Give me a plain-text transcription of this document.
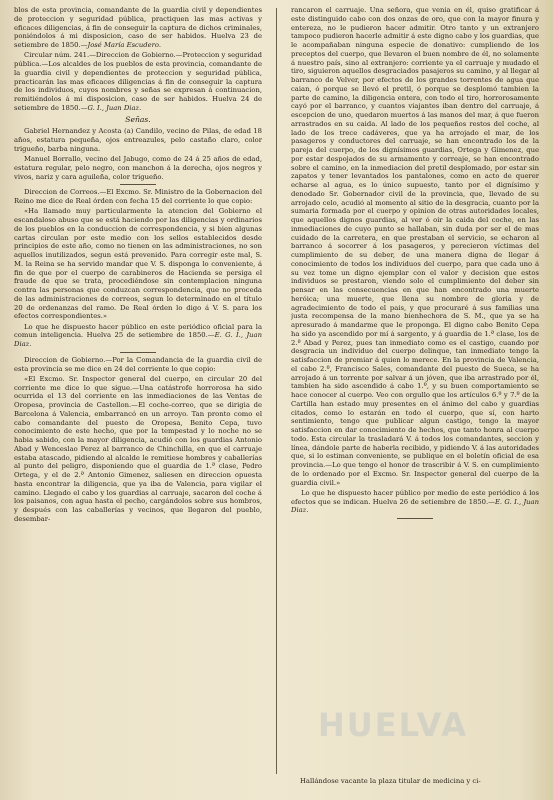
blos de esta provincia, comandante de la guardia civil y dependientes de proteccion y seguridad pública, practiquen las mas activas y eficaces diligencias, á fin de conseguir la captura de dichos criminales, poniéndolos á mi disposicion, caso de ser habidos. Huelva 23 de setiembre de 1850.—José María Escudero.

Circular núm. 241.—Direccion de Gobierno.—Proteccion y seguridad pública.—Los alcaldes de los pueblos de esta provincia, comandante de la guardia civil y dependientes de proteccion y seguridad pública, practicarán las mas eficaces diligencias á fin de conseguir la captura de los individuos, cuyos nombres y señas se expresan á continuacion, remitiéndolos á mi disposicion, caso de ser habidos. Huelva 24 de setiembre de 1850.—G. I., Juan Diaz.

Señas.

Gabriel Hernandez y Acosta (a) Candilo, vecino de Pilas, de edad 18 años, estatura pequeña, ojos entreazules, pelo castaño claro, color trigueño, barba ninguna.

Manuel Borrallo, vecino del Jabugo, como de 24 á 25 años de edad, estatura regular, pelo negro, con manchon á la derecha, ojos negros y vivos, nariz y cara aguileña, color trigueño.

Direccion de Correos.—El Excmo. Sr. Ministro de la Gobernacion del Reino me dice de Real órden con fecha 15 del corriente lo que copio:

«Ha llamado muy particularmente la atencion del Gobierno el escandaloso abuso que se está haciendo por las diligencias y ordinarios de los pueblos en la conduccion de correspondencia, y si bien algunas cartas circulan por este medio con los sellos establecidos desde principios de este año, como no tienen en las administraciones, no son aquellos inutilizados, segun está prevenido. Para corregir este mal, S. M. la Reina se ha servido mandar que V. S. disponga lo conveniente, á fin de que por el cuerpo de carabineros de Hacienda se persiga el fraude de que se trata, procediéndose sin contemplacion ninguna contra las personas que conduzcan correspondencia, que no proceda de las administraciones de correos, segun lo determinado en el título 20 de ordenanzas del ramo. De Real órden lo digo á V. S. para los efectos correspondientes.»

Lo que he dispuesto hacer público en este periódico oficial para la comun inteligencia. Huelva 25 de setiembre de 1850.—E. G. I., Juan Diaz.

Direccion de Gobierno.—Por la Comandancia de la guardia civil de esta provincia se me dice en 24 del corriente lo que copio:

«El Excmo. Sr. Inspector general del cuerpo, en circular 20 del corriente me dice lo que sigue.—Una catástrofe horrorosa ha sido ocurrida el 13 del corriente en las inmediaciones de las Ventas de Oropesa, provincia de Castellon.—El coche-correo, que se dirigia de Barcelona á Valencia, embarrancó en un arroyo. Tan pronto como el cabo comandante del puesto de Oropesa, Benito Cepa, tuvo conocimiento de este hecho, que por la tempestad y lo noche no se habia sabido, con la mayor diligencia, acudió con los guardias Antonio Abad y Wenceslao Perez al barranco de Chinchilla, en que el carruaje estaba atascado, pidiendo al alcalde le remitiese hombres y caballerías al punto del peligro, disponiendo que el guardia de 1.ª clase, Pedro Ortega, y el de 2.ª Antonio Gimenez, saliesen en direccion opuesta hasta encontrar la diligencia, que ya iba de Valencia, para vigilar el camino. Llegado el cabo y los guardias al carruaje, sacaron del coche á los paisanos, con agua hasta el pecho, cargándolos sobre sus hombros, y después con las caballerías y vecinos, que llegaron del pueblo, desembar-

rancaron el carruaje. Una señora, que venia en él, quiso gratificar á este distinguido cabo con dos onzas de oro, que con la mayor finura y entereza, no le pudieron hacer admitir. Otro tanto y un extranjero tampoco pudieron hacerle admitir á este digno cabo y los guardias, que le acompañaban ninguna especie de donativo: cumpliendo de los preceptos del cuerpo, que llevaron el buen nombre de él, no solamente á nuestro país, sino al extranjero: corriente ya el carruaje y mudado el tiro, siguieron aquellos desgraciados pasajeros su camino, y al llegar al barranco de Velver, por efectos de los grandes torrentes de agua que caian, ó porque se llevó el pretil, ó porque se desplomó tambien la parte de camino, la diligencia entera, con todo el tiro, horrorosamente cayó por el barranco, y cuantos viajantes iban dentro del carruaje, á escepcion de uno, quedaron muertos á las manos del mar, á que fueron arrastrados en su caida. Al lado de los pequeños restos del coche, al lado de los trece cadáveres, que ya ha arrojado el mar, de los pasageros y conductores del carruaje, se han encontrado los de la pareja del cuerpo, de los dignísimos guardias, Ortega y Gimenez, que por estar despojados de su armamento y correaje, se han encontrado sobre el camino, en la inmediacion del pretil desplomado, por estar sin zapatos y tener levantados los pantalones, como en acto de querer echarse al agua, es lo único supuesto, tanto por el dignísimo y denodado Sr. Gobernador civil de la provincia, que, llevado de su arrojado celo, acudió al momento al sitio de la desgracia, cuanto por la sumaria formada por el cuerpo y opinion de otras autoridades locales, que aquellos dignos guardias, al ver ó oir la caida del coche, en las inmediaciones de cuyo punto se hallaban, sin duda por ser el de mas cuidado de la carretera, en que prestaban el servicio, se echaron al barranco á socorrer á los pasageros, y perecieron víctimas del cumplimiento de su deber, de una manera digna de llegar á conocimiento de todos los individuos del cuerpo, para que cada uno á su vez tome un digno ejemplar con el valor y decision que estos individuos se prestaron, viendo solo el cumplimiento del deber sin pensar en las consecuencias en que han encontrado una muerte heróica; una muerte, que llena su nombre de gloria y de agradecimiento de todo el pais, y que procuraré á sus familias una justa recompensa de la mano bienhechora de S. M., que ya se ha apresurado á mandarme que le proponga. El digno cabo Benito Cepa ha sido ya ascendido por mí á sargento, y á guardia de 1.ª clase, los de 2.ª Abad y Perez, pues tan inmediato como es el castigo, cuando por desgracia un individuo del cuerpo delinque, tan inmediato tengo la satisfaccion de premiar á quien lo merece. En la provincia de Valencia, el cabo 2.º, Francisco Sales, comandante del puesto de Sueca, se ha arrojado á un torrente por salvar á un jóven, que iba arrastrado por él, tambien ha sido ascendido á cabo 1.º, y su buen comportamiento se hace conocer al cuerpo. Veo con orgullo que los artículos 6.º y 7.º de la Cartilla han estado muy presentes en el ánimo del cabo y guardias citados, como lo estarán en todo el cuerpo, que sí, con harto sentimiento, tengo que publicar algun castigo, tengo la mayor satisfaccion en dar conocimiento de hechos, que tanto honra al cuerpo todo. Esta circular la trasladará V. á todos los comandantes, seccion y línea, dándole parte de haberla recibido, y pidiendo V. á las autoridades que, si lo estiman conveniente, se publique en el boletín oficial de esa provincia.—Lo que tengo el honor de trascribir á V. S. en cumplimiento de lo ordenado por el Excmo. Sr. Inspector general del cuerpo de la guardia civil.»

Lo que he dispuesto hacer público por medio de este periódico á los efectos que se indican. Huelva 26 de setiembre de 1850.—E. G. I., Juan Diaz.

Hallándose vacante la plaza titular de medicina y ci-
HUELVA
